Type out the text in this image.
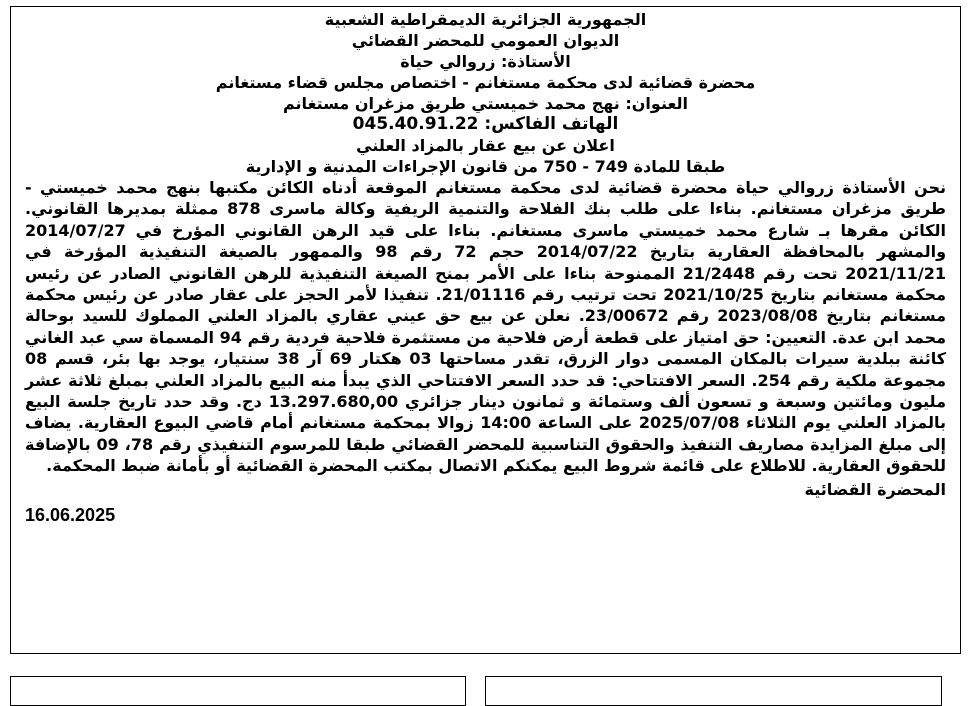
الجمهورية الجزائرية الديمقراطية الشعبية

الديوان العمومي للمحضر القضائي

الأستاذة: زروالي حياة

محضرة قضائية لدى محكمة مستغانم - اختصاص مجلس قضاء مستغانم

العنوان: نهج محمد خميستي طريق مزغران مستغانم

الهاتف الفاكس: 045.40.91.22

اعلان عن بيع عقار بالمزاد العلني

طبقا للمادة 749 - 750 من قانون الإجراءات المدنية و الإدارية

نحن الأستاذة زروالي حياة محضرة قضائية لدى محكمة مستغانم الموقعة أدناه الكائن مكتبها بنهج محمد خميستي - طريق مزغران مستغانم. بناءا على طلب بنك الفلاحة والتنمية الريفية وكالة ماسرى 878 ممثلة بمديرها القانوني. الكائن مقرها بـ شارع محمد خميستي ماسرى مستغانم. بناءا على قيد الرهن القانوني المؤرخ في 2014/07/27 والمشهر بالمحافظة العقارية بتاريخ 2014/07/22 حجم 72 رقم 98 والممهور بالصيغة التنفيذية المؤرخة في 2021/11/21 تحت رقم 21/2448 الممنوحة بناءا على الأمر بمنح الصيغة التنفيذية للرهن القانوني الصادر عن رئيس محكمة مستغانم بتاريخ 2021/10/25 تحت ترتيب رقم 21/01116. تنفيذا لأمر الحجز على عقار صادر عن رئيس محكمة مستغانم بتاريخ 2023/08/08 رقم 23/00672. نعلن عن بيع حق عيني عقاري بالمزاد العلني المملوك للسيد بوحالة محمد ابن عدة. التعيين: حق امتياز على قطعة أرض فلاحية من مستثمرة فلاحية فردية رقم 94 المسماة سي عبد الغاني كائنة ببلدية سيرات بالمكان المسمى دوار الزرق، تقدر مساحتها 03 هكتار 69 آر 38 سنتيار، يوجد بها بئر، قسم 08 مجموعة ملكية رقم 254. السعر الافتتاحي: قد حدد السعر الافتتاحي الذي يبدأ منه البيع بالمزاد العلني بمبلغ ثلاثة عشر مليون ومائتين وسبعة و تسعون ألف وستمائة و ثمانون دينار جزائري 13.297.680,00 دج. وقد حدد تاريخ جلسة البيع بالمزاد العلني يوم الثلاثاء 2025/07/08 على الساعة 14:00 زوالا بمحكمة مستغانم أمام قاضي البيوع العقارية. يضاف إلى مبلغ المزايدة مصاريف التنفيذ والحقوق التناسبية للمحضر القضائي طبقا للمرسوم التنفيذي رقم 78، 09 بالإضافة للحقوق العقارية. للاطلاع على قائمة شروط البيع يمكنكم الاتصال بمكتب المحضرة القضائية أو بأمانة ضبط المحكمة.

المحضرة القضائية
16.06.2025
